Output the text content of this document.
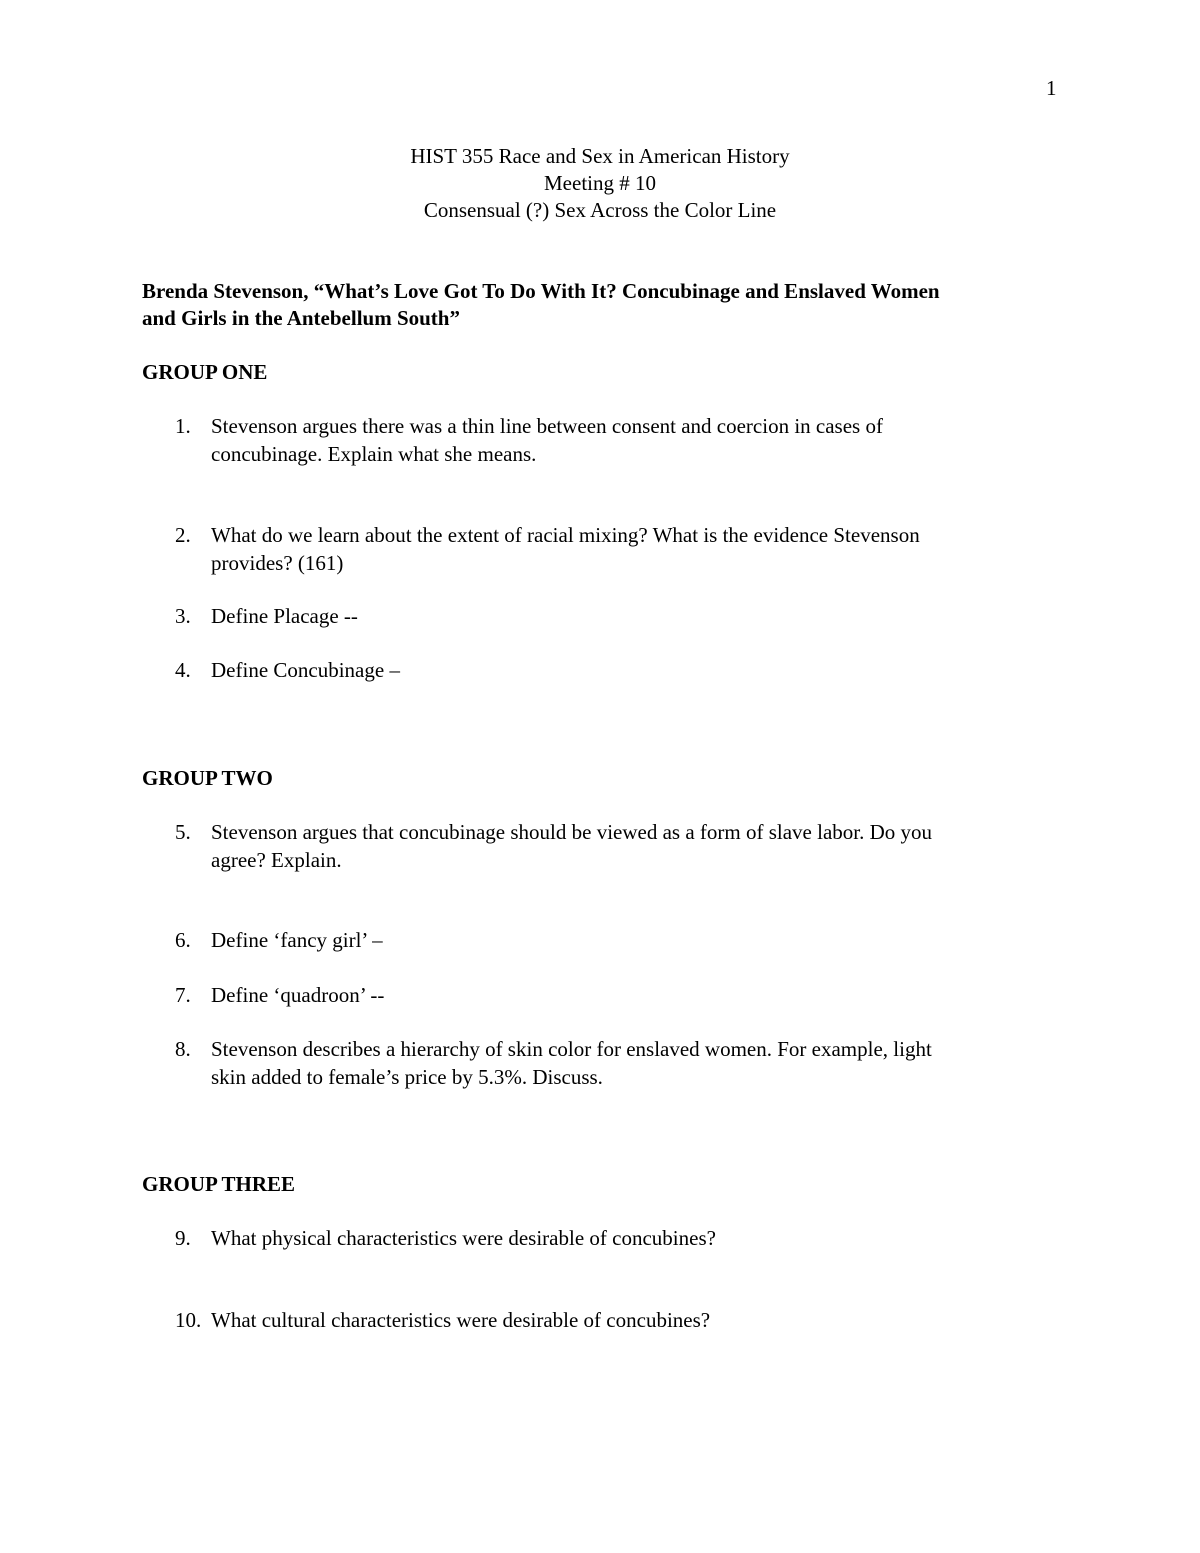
1
HIST 355 Race and Sex in American History
Meeting # 10
Consensual (?) Sex Across the Color Line
Brenda Stevenson, “What’s Love Got To Do With It? Concubinage and Enslaved Women
and Girls in the Antebellum South”
GROUP ONE
1. Stevenson argues there was a thin line between consent and coercion in cases of
concubinage. Explain what she means.
2. What do we learn about the extent of racial mixing? What is the evidence Stevenson
provides? (161)
3. Define Placage --
4. Define Concubinage –
GROUP TWO
5. Stevenson argues that concubinage should be viewed as a form of slave labor. Do you
agree? Explain.
6. Define ‘fancy girl’ –
7. Define ‘quadroon’ --
8. Stevenson describes a hierarchy of skin color for enslaved women. For example, light
skin added to female’s price by 5.3%. Discuss.
GROUP THREE
9. What physical characteristics were desirable of concubines?
10. What cultural characteristics were desirable of concubines?
